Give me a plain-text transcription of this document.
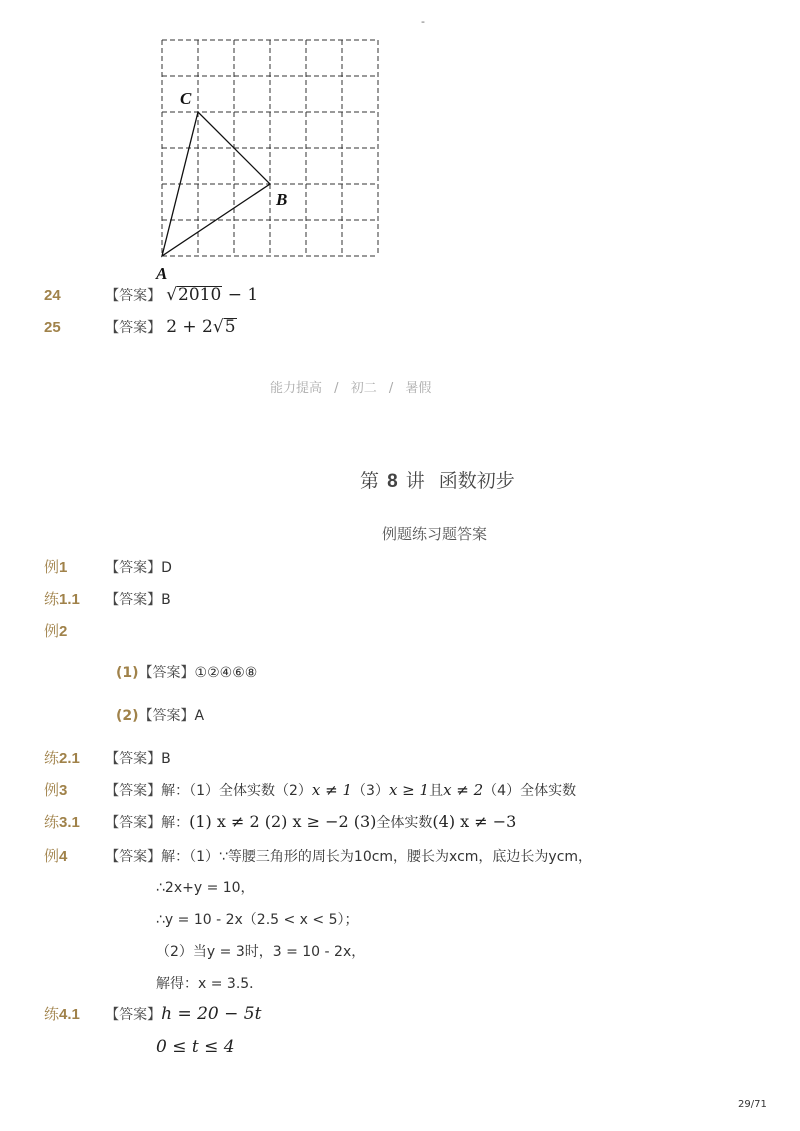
-
C
B
A
24	【答案】 √2010 − 1
25	【答案】 2 + 2√5
能力提高 / 初二 / 暑假
第 8 讲 函数初步
例题练习题答案
例1	【答案】D
练1.1 【答案】B
例2
(1)【答案】①②④⑥⑧
(2)【答案】A
练2.1 【答案】B
例3	【答案】解：（1）全体实数（2）x ≠ 1（3）x ≥ 1且x ≠ 2（4）全体实数
练3.1 【答案】解：(1) x ≠ 2 (2) x ≥ −2 (3)全体实数(4) x ≠ −3
例4	【答案】解：（1）∵等腰三角形的周长为10cm，腰长为xcm，底边长为ycm，
∴2x+y = 10，
∴y = 10 - 2x（2.5 < x < 5）；
（2）当y = 3时，3 = 10 - 2x，
解得：x = 3.5．
练4.1 【答案】h = 20 − 5t
0 ≤ t ≤ 4
29/71
